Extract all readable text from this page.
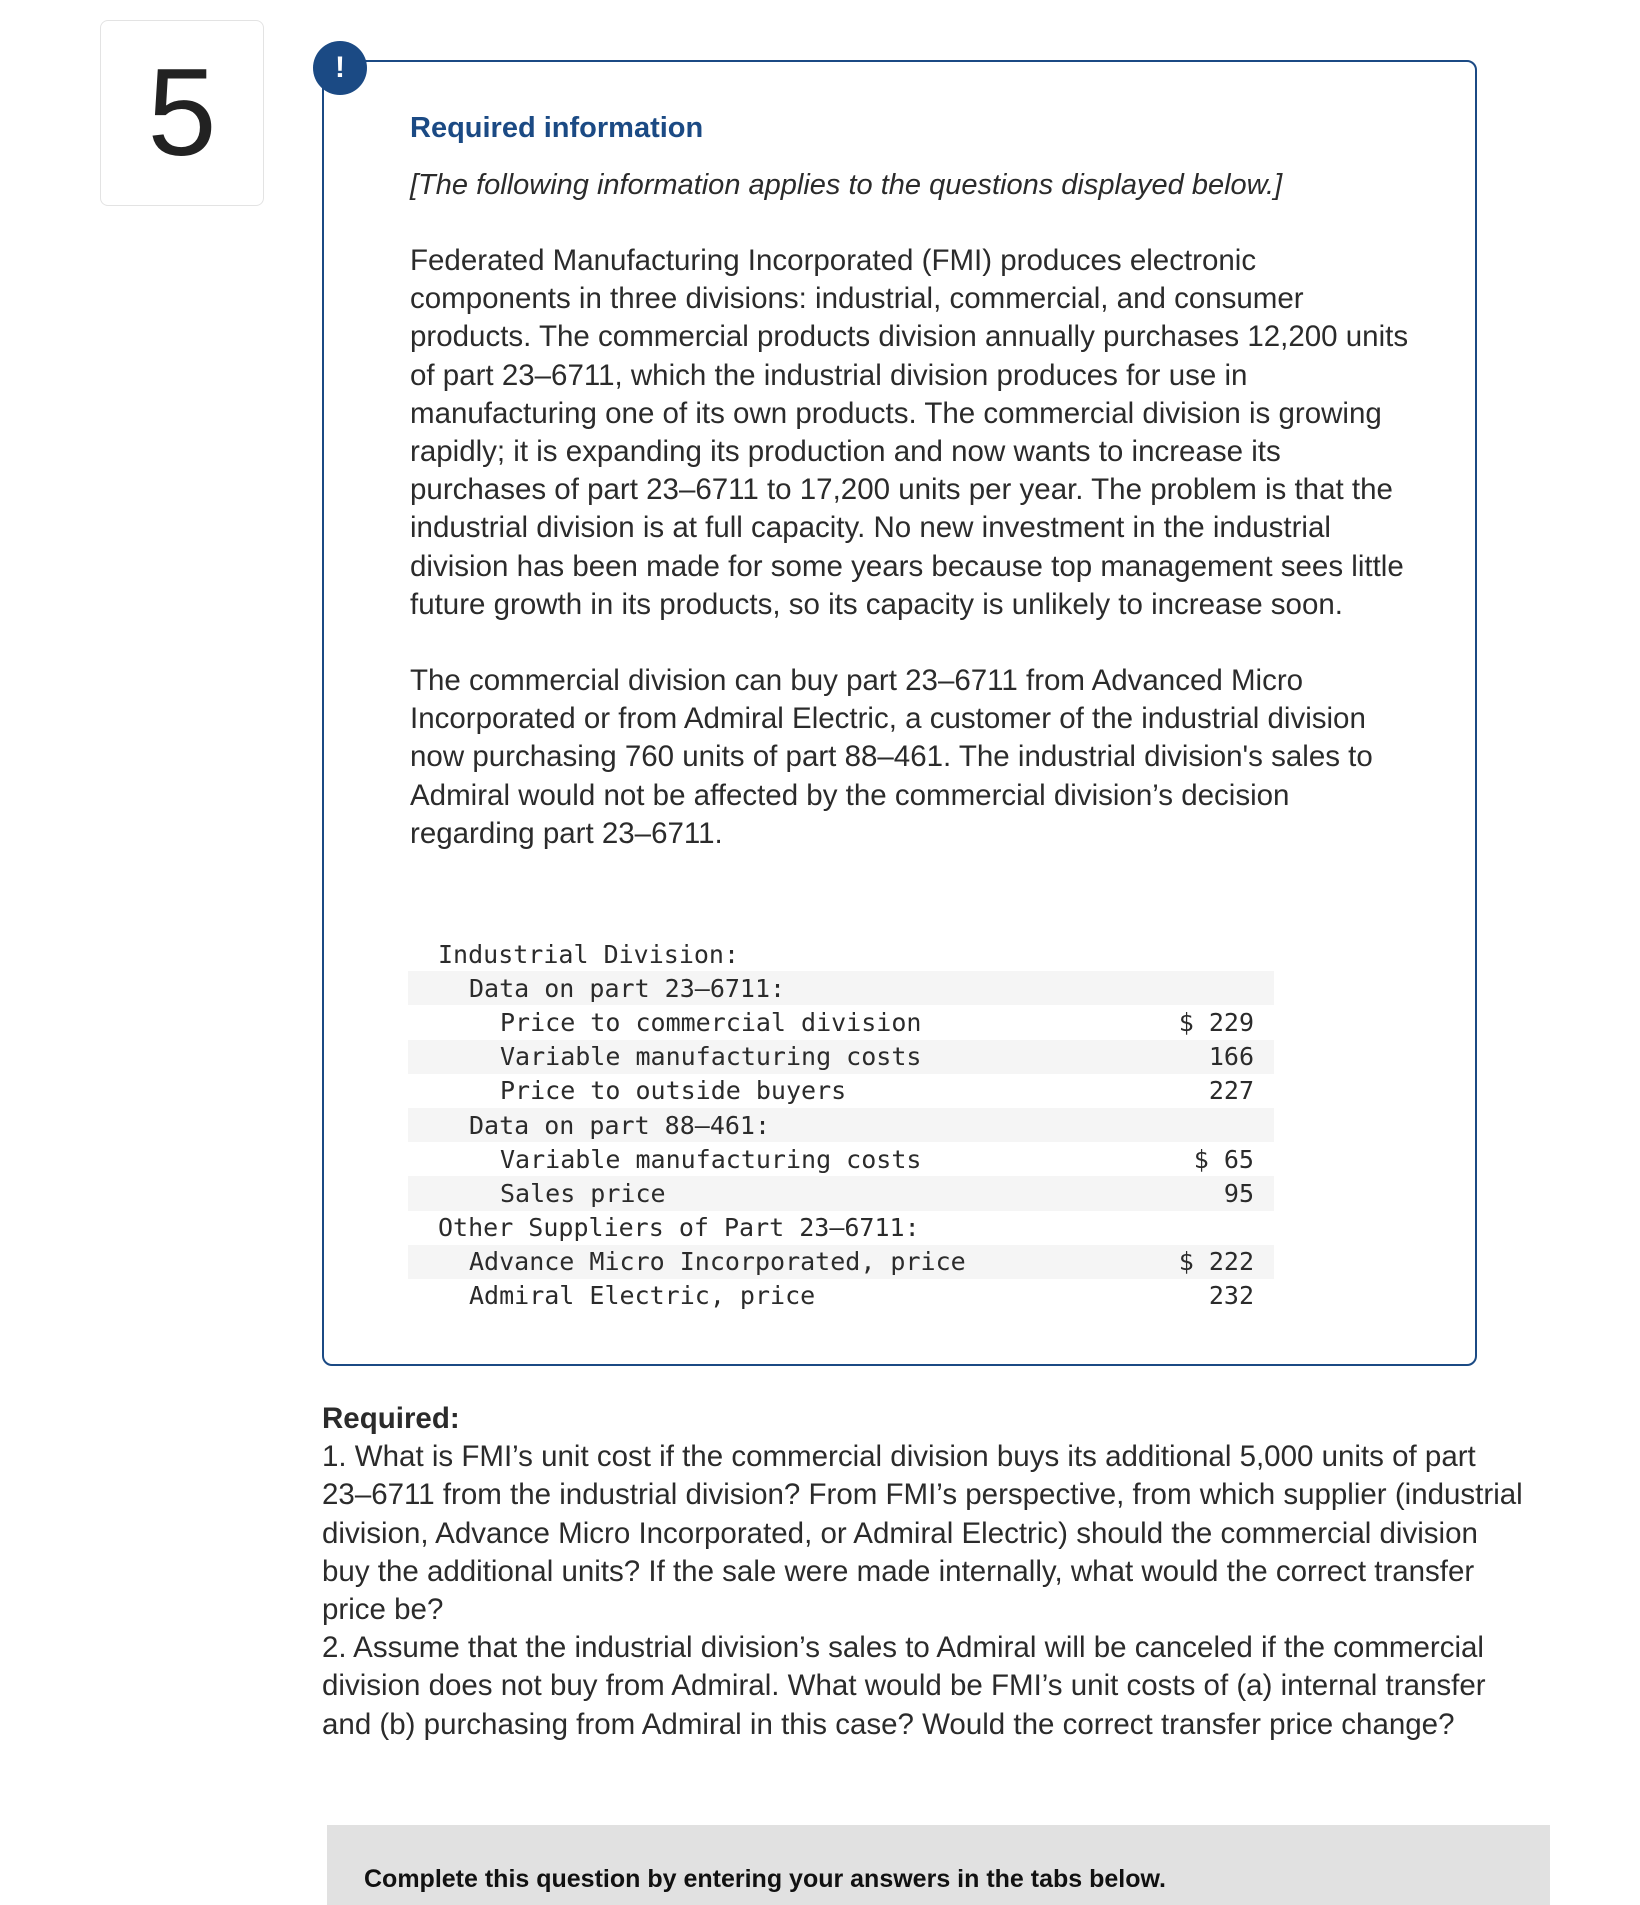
5	!
Required information
[The following information applies to the questions displayed below.]

Federated Manufacturing Incorporated (FMI) produces electronic components in three divisions: industrial, commercial, and consumer products. The commercial products division annually purchases 12,200 units of part 23–6711, which the industrial division produces for use in manufacturing one of its own products. The commercial division is growing rapidly; it is expanding its production and now wants to increase its purchases of part 23–6711 to 17,200 units per year. The problem is that the industrial division is at full capacity. No new investment in the industrial division has been made for some years because top management sees little future growth in its products, so its capacity is unlikely to increase soon.

The commercial division can buy part 23–6711 from Advanced Micro Incorporated or from Admiral Electric, a customer of the industrial division now purchasing 760 units of part 88–461. The industrial division's sales to Admiral would not be affected by the commercial division’s decision regarding part 23–6711.

Industrial Division:
Data on part 23–6711:
Price to commercial division	$ 229
Variable manufacturing costs	166
Price to outside buyers	227
Data on part 88–461:
Variable manufacturing costs	$ 65
Sales price	95
Other Suppliers of Part 23–6711:
Advance Micro Incorporated, price	$ 222
Admiral Electric, price	232
Required:
1. What is FMI’s unit cost if the commercial division buys its additional 5,000 units of part 23–6711 from the industrial division? From FMI’s perspective, from which supplier (industrial division, Advance Micro Incorporated, or Admiral Electric) should the commercial division buy the additional units? If the sale were made internally, what would the correct transfer price be?
2. Assume that the industrial division’s sales to Admiral will be canceled if the commercial division does not buy from Admiral. What would be FMI’s unit costs of (a) internal transfer and (b) purchasing from Admiral in this case? Would the correct transfer price change?
Complete this question by entering your answers in the tabs below.
